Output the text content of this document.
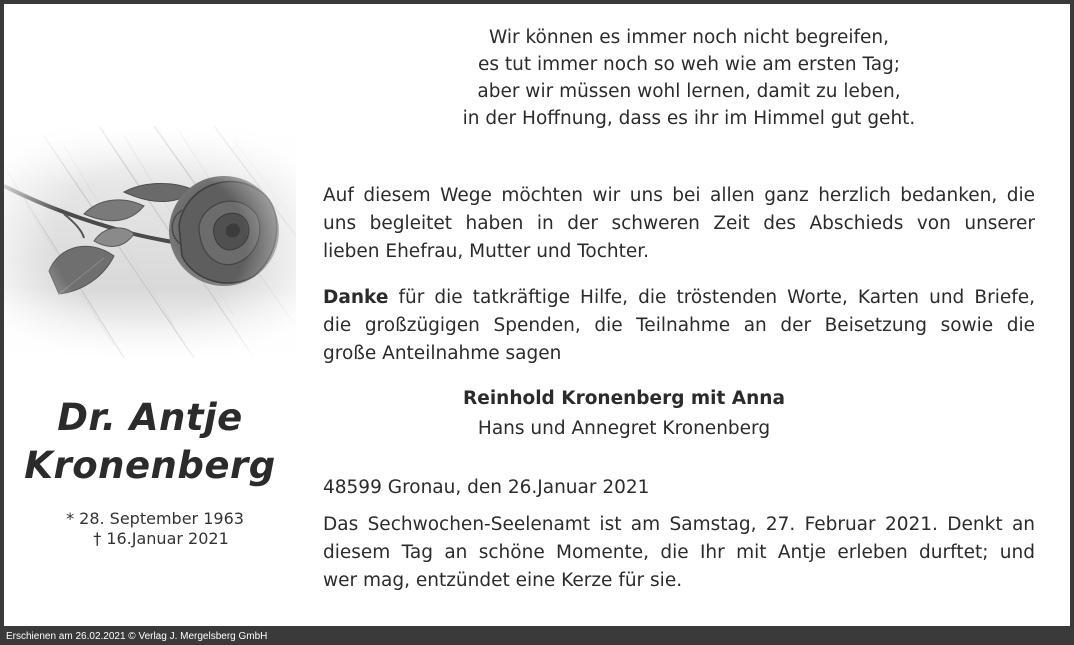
Dr. Antje
Kronenberg
* 28. September 1963
† 16.Januar 2021
Wir können es immer noch nicht begreifen,
es tut immer noch so weh wie am ersten Tag;
aber wir müssen wohl lernen, damit zu leben,
in der Hoffnung, dass es ihr im Himmel gut geht.
Auf diesem Wege möchten wir uns bei allen ganz herzlich bedanken, die
uns begleitet haben in der schweren Zeit des Abschieds von unserer
lieben Ehefrau, Mutter und Tochter.
Danke für die tatkräftige Hilfe, die tröstenden Worte, Karten und Briefe,
die großzügigen Spenden, die Teilnahme an der Beisetzung sowie die
große Anteilnahme sagen
Reinhold Kronenberg mit Anna
Hans und Annegret Kronenberg
48599 Gronau, den 26.Januar 2021
Das Sechwochen-Seelenamt ist am Samstag, 27. Februar 2021. Denkt an
diesem Tag an schöne Momente, die Ihr mit Antje erleben durftet; und
wer mag, entzündet eine Kerze für sie.
Erschienen am 26.02.2021 © Verlag J. Mergelsberg GmbH
